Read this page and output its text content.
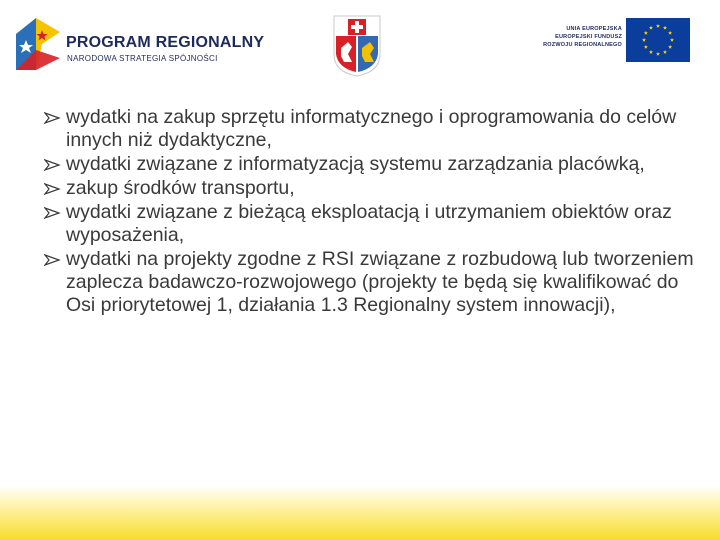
PROGRAM REGIONALNY
NARODOWA STRATEGIA SPÓJNOŚCI
UNIA EUROPEJSKA
EUROPEJSKI FUNDUSZ
ROZWOJU REGIONALNEGO
wydatki na zakup sprzętu informatycznego i oprogramowania do celów innych niż dydaktyczne,
wydatki związane z informatyzacją systemu zarządzania placówką,
zakup środków transportu,
wydatki związane z bieżącą eksploatacją i utrzymaniem obiektów oraz wyposażenia,
wydatki na projekty zgodne z RSI związane z rozbudową lub tworzeniem zaplecza badawczo-rozwojowego (projekty te będą się kwalifikować do Osi priorytetowej 1, działania 1.3 Regionalny system innowacji),
